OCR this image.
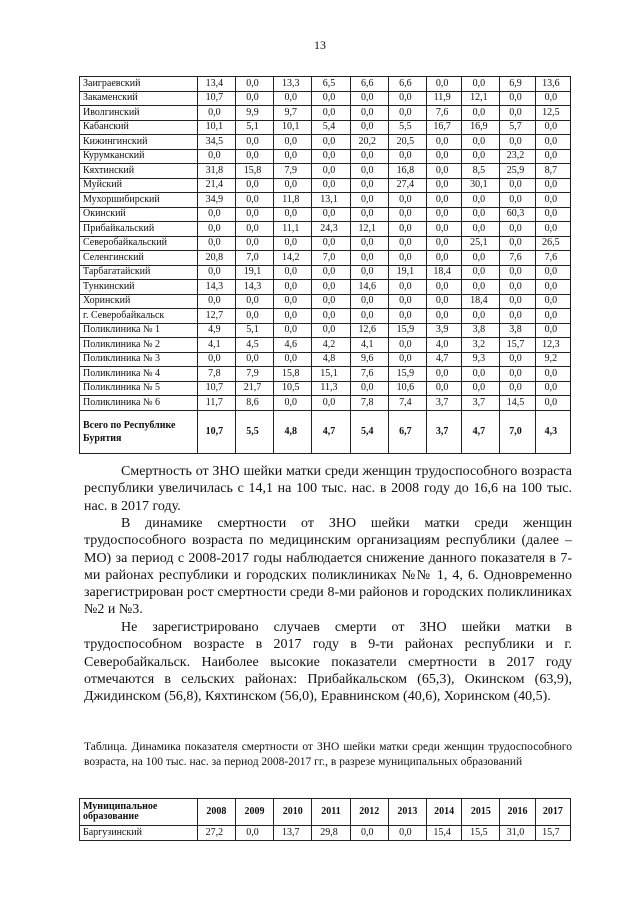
13
Заиграевский	13,4	0,0	13,3	6,5	6,6	6,6	0,0	0,0	6,9	13,6
Закаменский	10,7	0,0	0,0	0,0	0,0	0,0	11,9	12,1	0,0	0,0
Иволгинский	0,0	9,9	9,7	0,0	0,0	0,0	7,6	0,0	0,0	12,5
Кабанский	10,1	5,1	10,1	5,4	0,0	5,5	16,7	16,9	5,7	0,0
Кижингинский	34,5	0,0	0,0	0,0	20,2	20,5	0,0	0,0	0,0	0,0
Курумканский	0,0	0,0	0,0	0,0	0,0	0,0	0,0	0,0	23,2	0,0
Кяхтинский	31,8	15,8	7,9	0,0	0,0	16,8	0,0	8,5	25,9	8,7
Муйский	21,4	0,0	0,0	0,0	0,0	27,4	0,0	30,1	0,0	0,0
Мухоршибирский	34,9	0,0	11,8	13,1	0,0	0,0	0,0	0,0	0,0	0,0
Окинский	0,0	0,0	0,0	0,0	0,0	0,0	0,0	0,0	60,3	0,0
Прибайкальский	0,0	0,0	11,1	24,3	12,1	0,0	0,0	0,0	0,0	0,0
Северобайкальский	0,0	0,0	0,0	0,0	0,0	0,0	0,0	25,1	0,0	26,5
Селенгинский	20,8	7,0	14,2	7,0	0,0	0,0	0,0	0,0	7,6	7,6
Тарбагатайский	0,0	19,1	0,0	0,0	0,0	19,1	18,4	0,0	0,0	0,0
Тункинский	14,3	14,3	0,0	0,0	14,6	0,0	0,0	0,0	0,0	0,0
Хоринский	0,0	0,0	0,0	0,0	0,0	0,0	0,0	18,4	0,0	0,0
г. Северобайкальск	12,7	0,0	0,0	0,0	0,0	0,0	0,0	0,0	0,0	0,0
Поликлиника № 1	4,9	5,1	0,0	0,0	12,6	15,9	3,9	3,8	3,8	0,0
Поликлиника № 2	4,1	4,5	4,6	4,2	4,1	0,0	4,0	3,2	15,7	12,3
Поликлиника № 3	0,0	0,0	0,0	4,8	9,6	0,0	4,7	9,3	0,0	9,2
Поликлиника № 4	7,8	7,9	15,8	15,1	7,6	15,9	0,0	0,0	0,0	0,0
Поликлиника № 5	10,7	21,7	10,5	11,3	0,0	10,6	0,0	0,0	0,0	0,0
Поликлиника № 6	11,7	8,6	0,0	0,0	7,8	7,4	3,7	3,7	14,5	0,0
Всего по Республике Бурятия	10,7	5,5	4,8	4,7	5,4	6,7	3,7	4,7	7,0	4,3

Смертность от ЗНО шейки матки среди женщин трудоспособного возраста республики увеличилась с 14,1 на 100 тыс. нас. в 2008 году до 16,6 на 100 тыс. нас. в 2017 году.

В динамике смертности от ЗНО шейки матки среди женщин трудоспособного возраста по медицинским организациям республики (далее – МО) за период с 2008-2017 годы наблюдается снижение данного показателя в 7-ми районах республики и городских поликлиниках №№ 1, 4, 6. Одновременно зарегистрирован рост смертности среди 8-ми районов и городских поликлиниках №2 и №3.

Не зарегистрировано случаев смерти от ЗНО шейки матки в трудоспособном возрасте в 2017 году в 9-ти районах республики и г. Северобайкальск. Наиболее высокие показатели смертности в 2017 году отмечаются в сельских районах: Прибайкальском (65,3), Окинском (63,9), Джидинском (56,8), Кяхтинском (56,0), Еравнинском (40,6), Хоринском (40,5).

Таблица. Динамика показателя смертности от ЗНО шейки матки среди женщин трудоспособного возраста, на 100 тыс. нас. за период 2008-2017 гг., в разрезе муниципальных образований

Муниципальное образование	2008	2009	2010	2011	2012	2013	2014	2015	2016	2017
Баргузинский	27,2	0,0	13,7	29,8	0,0	0,0	15,4	15,5	31,0	15,7
